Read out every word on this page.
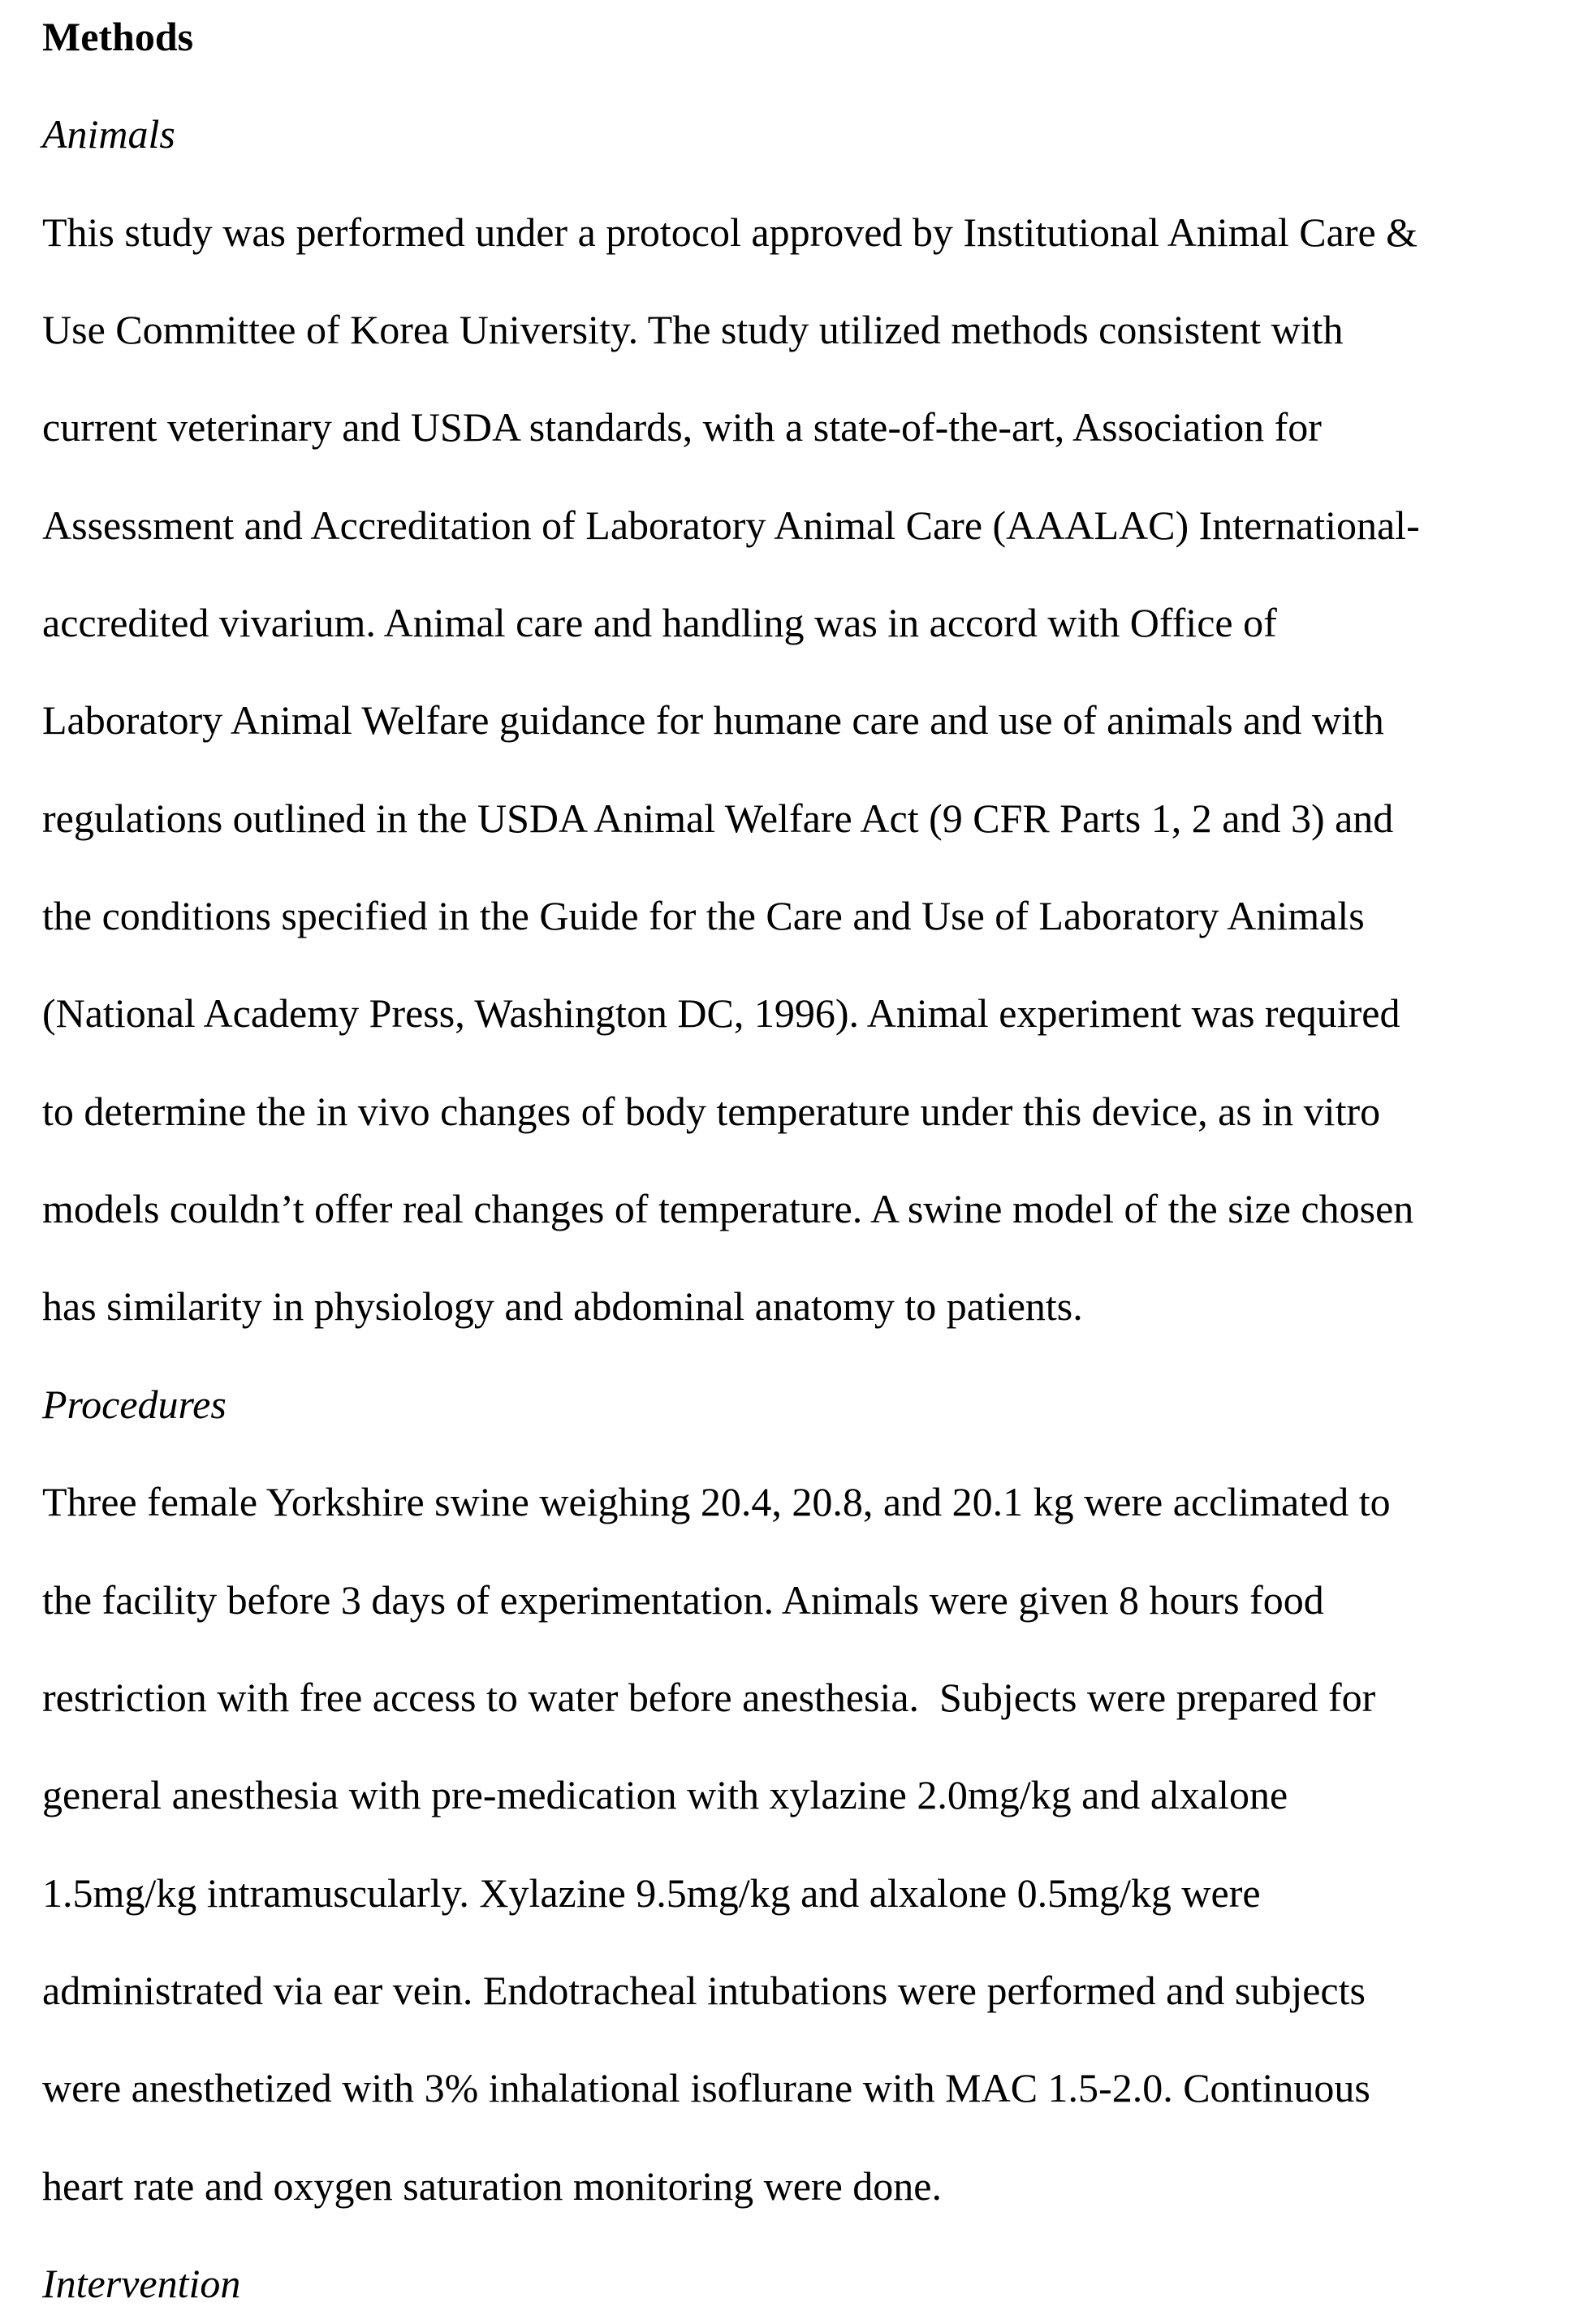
Methods
Animals
This study was performed under a protocol approved by Institutional Animal Care &
Use Committee of Korea University. The study utilized methods consistent with
current veterinary and USDA standards, with a state-of-the-art, Association for
Assessment and Accreditation of Laboratory Animal Care (AAALAC) International-
accredited vivarium. Animal care and handling was in accord with Office of
Laboratory Animal Welfare guidance for humane care and use of animals and with
regulations outlined in the USDA Animal Welfare Act (9 CFR Parts 1, 2 and 3) and
the conditions specified in the Guide for the Care and Use of Laboratory Animals
(National Academy Press, Washington DC, 1996). Animal experiment was required
to determine the in vivo changes of body temperature under this device, as in vitro
models couldn’t offer real changes of temperature. A swine model of the size chosen
has similarity in physiology and abdominal anatomy to patients.
Procedures
Three female Yorkshire swine weighing 20.4, 20.8, and 20.1 kg were acclimated to
the facility before 3 days of experimentation. Animals were given 8 hours food
restriction with free access to water before anesthesia.  Subjects were prepared for
general anesthesia with pre-medication with xylazine 2.0mg/kg and alxalone
1.5mg/kg intramuscularly. Xylazine 9.5mg/kg and alxalone 0.5mg/kg were
administrated via ear vein. Endotracheal intubations were performed and subjects
were anesthetized with 3% inhalational isoflurane with MAC 1.5-2.0. Continuous
heart rate and oxygen saturation monitoring were done.
Intervention
